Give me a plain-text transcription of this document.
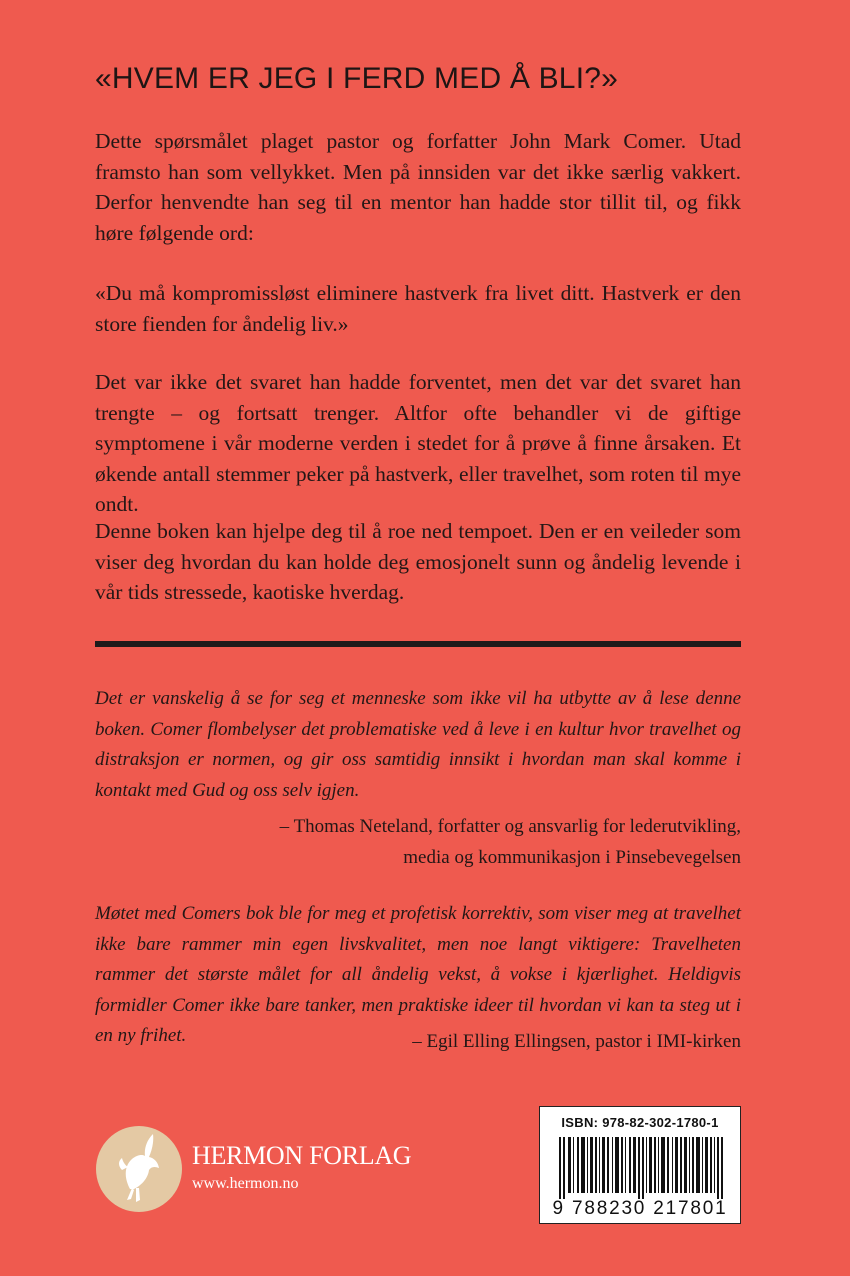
«HVEM ER JEG I FERD MED Å BLI?»

Dette spørsmålet plaget pastor og forfatter John Mark Comer. Utad framsto han som vellykket. Men på innsiden var det ikke særlig vakkert. Derfor henvendte han seg til en mentor han hadde stor tillit til, og fikk høre følgende ord:

«Du må kompromissløst eliminere hastverk fra livet ditt. Hastverk er den store fienden for åndelig liv.»

Det var ikke det svaret han hadde forventet, men det var det svaret han trengte – og fortsatt trenger. Altfor ofte behandler vi de giftige symptomene i vår moderne verden i stedet for å prøve å finne årsaken. Et økende antall stemmer peker på hastverk, eller travelhet, som roten til mye ondt.

Denne boken kan hjelpe deg til å roe ned tempoet. Den er en veileder som viser deg hvordan du kan holde deg emosjonelt sunn og åndelig levende i vår tids stressede, kaotiske hverdag.

Det er vanskelig å se for seg et menneske som ikke vil ha utbytte av å lese denne boken. Comer flombelyser det problematiske ved å leve i en kultur hvor travelhet og distraksjon er normen, og gir oss samtidig innsikt i hvordan man skal komme i kontakt med Gud og oss selv igjen.

– Thomas Neteland, forfatter og ansvarlig for lederutvikling,

media og kommunikasjon i Pinsebevegelsen

Møtet med Comers bok ble for meg et profetisk korrektiv, som viser meg at travelhet ikke bare rammer min egen livskvalitet, men noe langt viktigere: Travelheten rammer det største målet for all åndelig vekst, å vokse i kjærlighet. Heldigvis formidler Comer ikke bare tanker, men praktiske ideer til hvordan vi kan ta steg ut i en ny frihet.	– Egil Elling Ellingsen, pastor i IMI-kirken

HERMON FORLAG

www.hermon.no

ISBN: 978-82-302-1780-1
9 788230 217801
